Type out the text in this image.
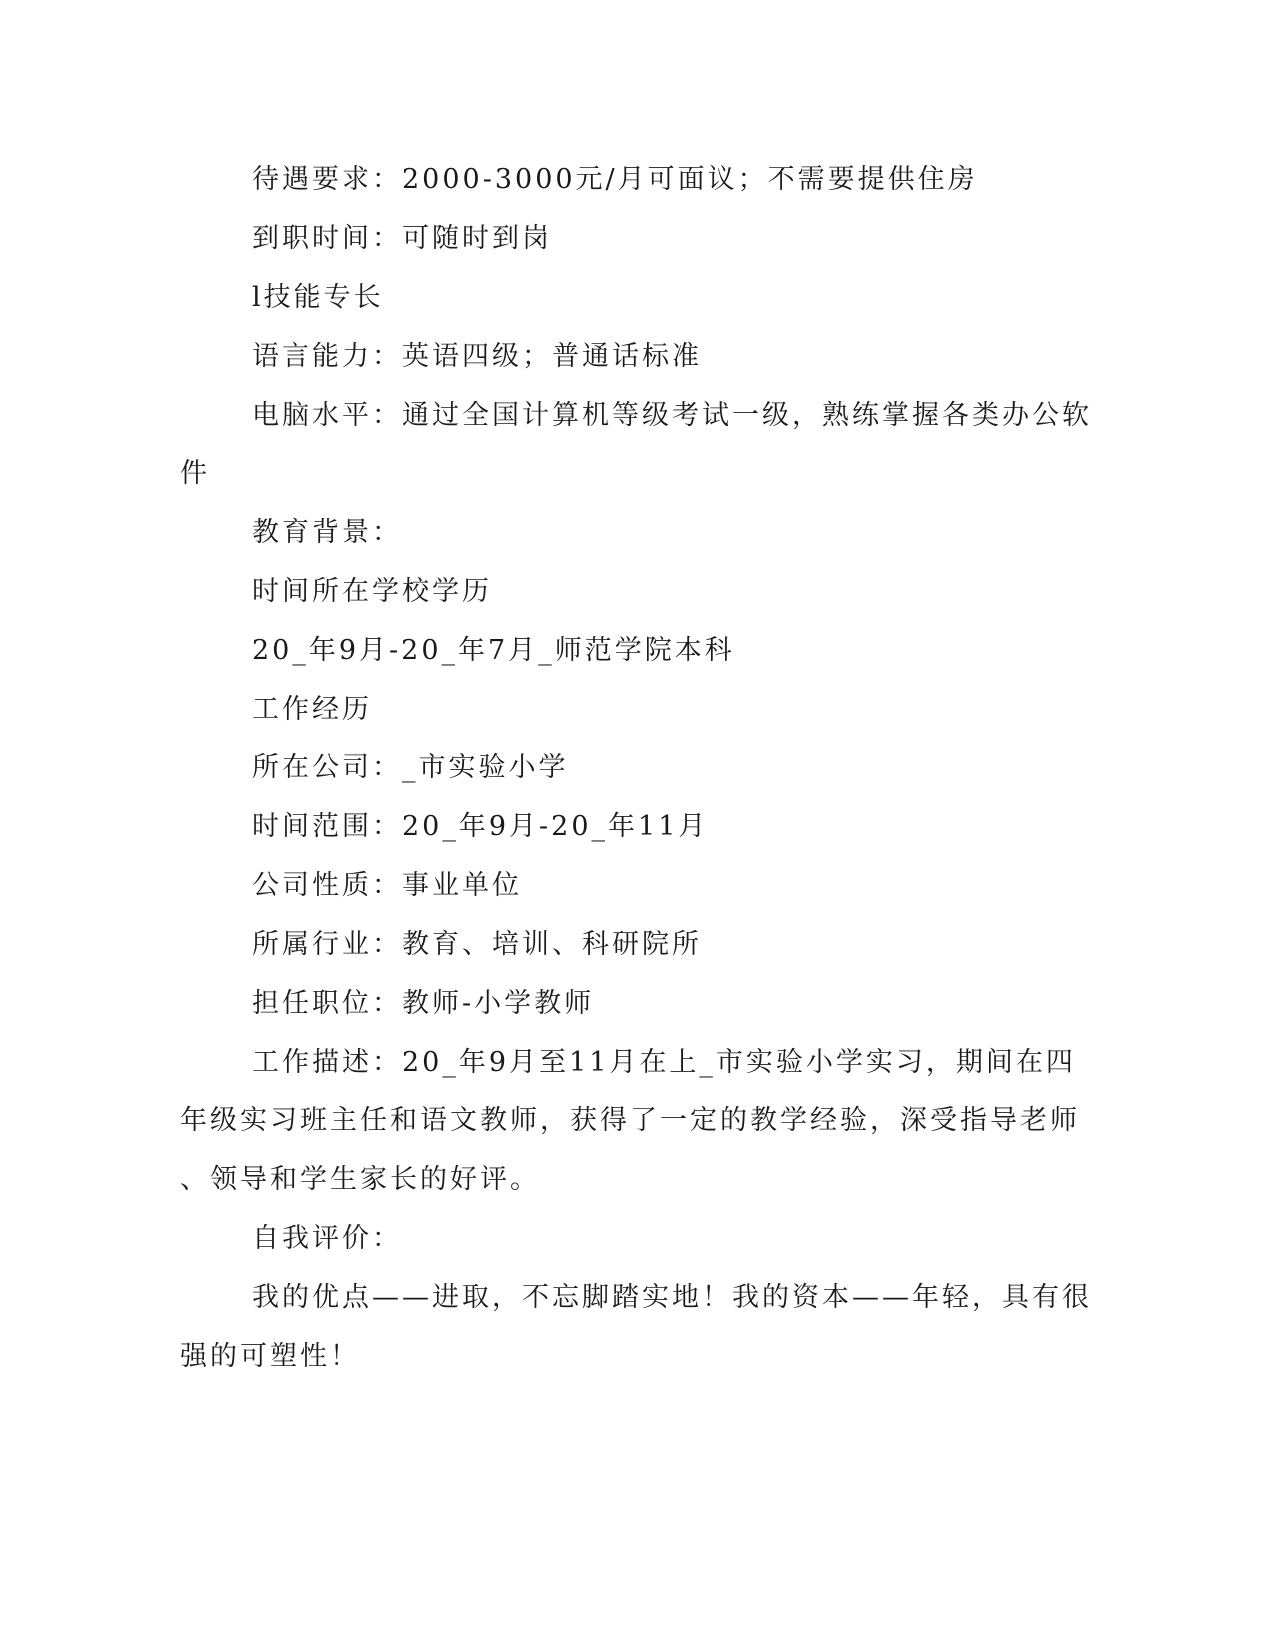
待遇要求：2000-3000元/月可面议；不需要提供住房
到职时间：可随时到岗
l技能专长
语言能力：英语四级；普通话标准
电脑水平：通过全国计算机等级考试一级，熟练掌握各类办公软
件
教育背景：
时间所在学校学历
20_年9月-20_年7月_师范学院本科
工作经历
所在公司：_市实验小学
时间范围：20_年9月-20_年11月
公司性质：事业单位
所属行业：教育、培训、科研院所
担任职位：教师-小学教师
工作描述：20_年9月至11月在上_市实验小学实习，期间在四
年级实习班主任和语文教师，获得了一定的教学经验，深受指导老师
、领导和学生家长的好评。
自我评价：
我的优点——进取，不忘脚踏实地！我的资本——年轻，具有很
强的可塑性！
